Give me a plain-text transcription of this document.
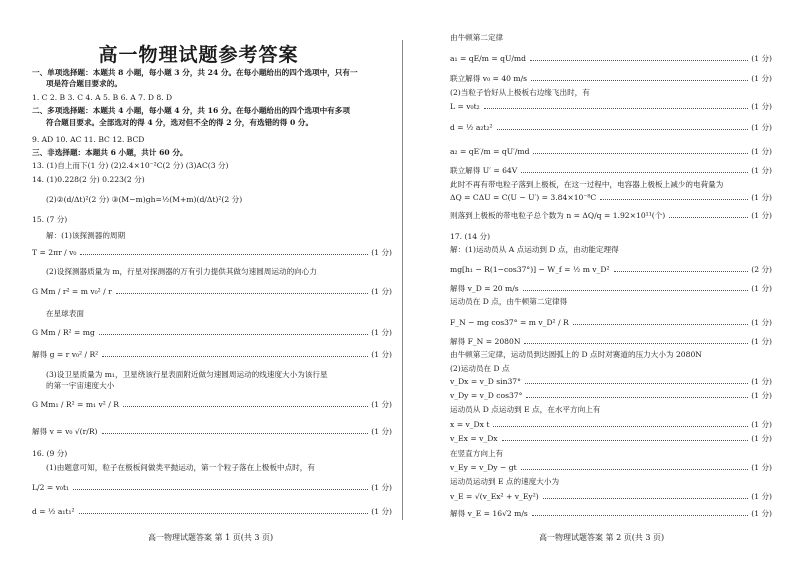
高一物理试题参考答案
一、单项选择题：本题共 8 小题，每小题 3 分，共 24 分。在每小题给出的四个选项中，只有一
项是符合题目要求的。
1. C 2. B 3. C 4. A 5. B 6. A 7. D 8. D
二、多项选择题：本题共 4 小题，每小题 4 分，共 16 分。在每小题给出的四个选项中有多项
符合题目要求。全部选对的得 4 分，选对但不全的得 2 分，有选错的得 0 分。
9. AD 10. AC 11. BC 12. BCD
三、非选择题：本题共 6 小题，共计 60 分。
13. (1)自上而下(1 分) (2)2.4×10⁻²C(2 分) (3)AC(3 分)
14. (1)0.228(2 分) 0.223(2 分)
(2)②(d/Δt)²(2 分) ③(M−m)gh=½(M+m)(d/Δt)²(2 分)
15. (7 分)
解：(1)该探测器的周期
T = 2πr / v₀	(1 分)
(2)设探测器质量为 m，行星对探测器的万有引力提供其做匀速圆周运动的向心力
G Mm / r² = m v₀² / r	(1 分)
在星球表面
G Mm / R² = mg	(1 分)
解得 g = r v₀² / R²	(1 分)
(3)设卫星质量为 m₁，卫星绕该行星表面附近做匀速圆周运动的线速度大小为该行星
的第一宇宙速度大小
G Mm₁ / R² = m₁ v² / R	(1 分)
解得 v = v₀ √(r/R)	(1 分)
16. (9 分)
(1)由题意可知，粒子在极板间做类平抛运动，第一个粒子落在上极板中点时，有
L/2 = v₀t₁	(1 分)
d = ½ a₁t₁²	(1 分)
高一物理试题答案 第 1 页(共 3 页)
由牛顿第二定律
a₁ = qE/m = qU/md	(1 分)
联立解得 v₀ = 40 m/s	(1 分)
(2)当粒子恰好从上极板右边缘飞出时，有
L = v₀t₂	(1 分)
d = ½ a₂t₂²	(1 分)
a₂ = qE′/m = qU′/md	(1 分)
联立解得 U′ = 64V	(1 分)
此时不再有带电粒子落到上极板，在这一过程中，电容器上极板上减少的电荷量为
ΔQ = CΔU = C(U − U′) = 3.84×10⁻⁸C	(1 分)
则落到上极板的带电粒子总个数为 n = ΔQ/q = 1.92×10¹¹(个)	(1 分)
17. (14 分)
解：(1)运动员从 A 点运动到 D 点，由动能定理得
mg[h₁ − R(1−cos37°)] − W_f = ½ m v_D²	(2 分)
解得 v_D = 20 m/s	(1 分)
运动员在 D 点，由牛顿第二定律得
F_N − mg cos37° = m v_D² / R	(1 分)
解得 F_N = 2080N	(1 分)
由牛顿第三定律，运动员到达圆弧上的 D 点时对赛道的压力大小为 2080N
(2)运动员在 D 点
v_Dx = v_D sin37°	(1 分)
v_Dy = v_D cos37°	(1 分)
运动员从 D 点运动到 E 点，在水平方向上有
x = v_Dx t	(1 分)
v_Ex = v_Dx	(1 分)
在竖直方向上有
v_Ey = v_Dy − gt	(1 分)
运动员运动到 E 点的速度大小为
v_E = √(v_Ex² + v_Ey²)	(1 分)
解得 v_E = 16√2 m/s	(1 分)
高一物理试题答案 第 2 页(共 3 页)
